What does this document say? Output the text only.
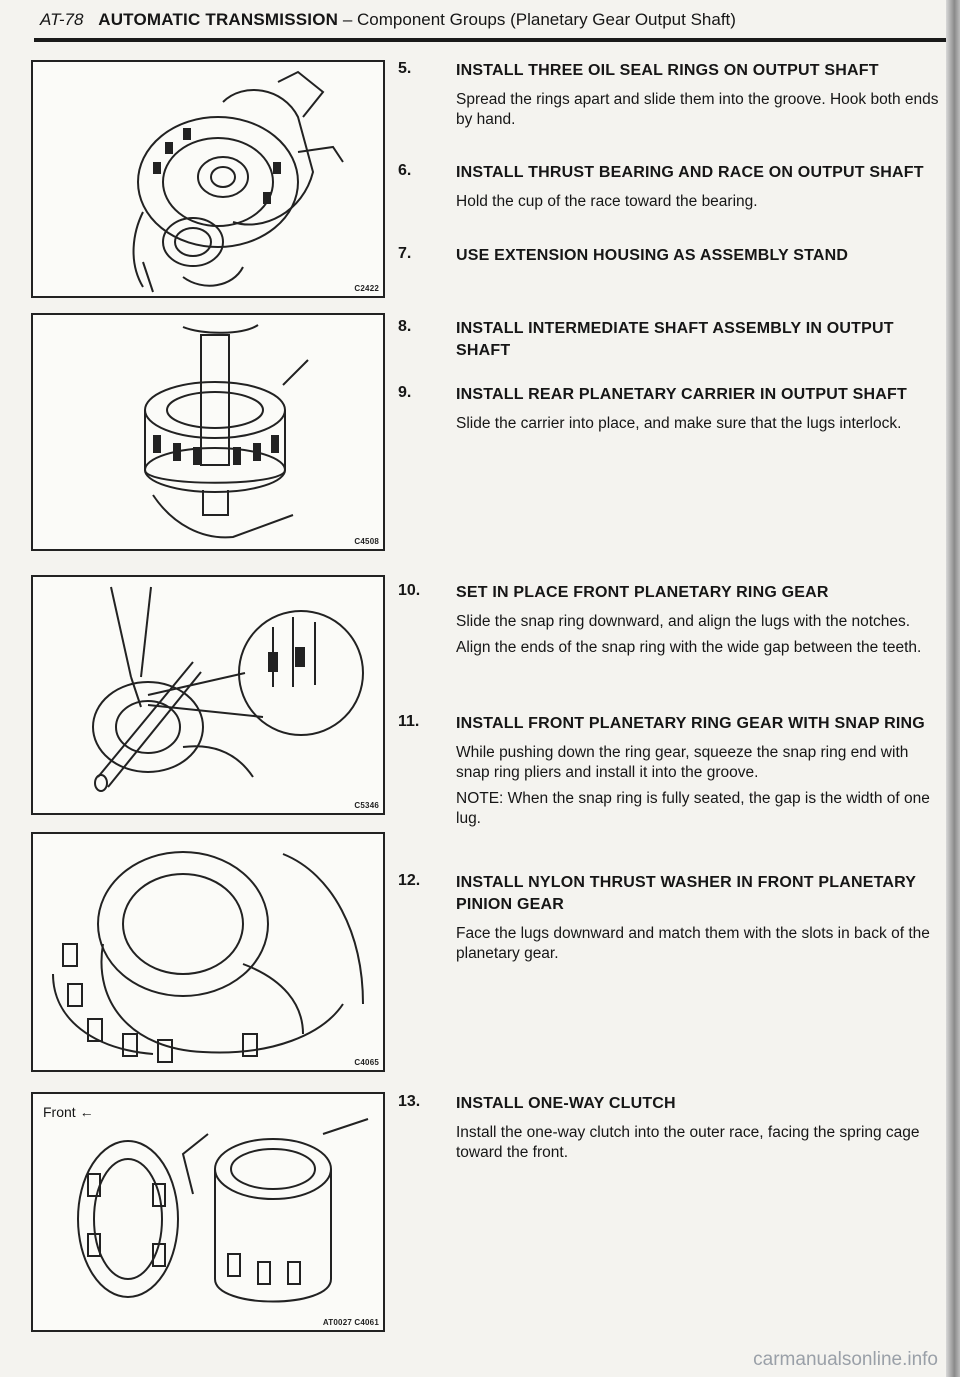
AT-78 AUTOMATIC TRANSMISSION – Component Groups (Planetary Gear Output Shaft)
C2422
C4508
C5346
C4065
Front ←
AT0027 C4061
5.	INSTALL THREE OIL SEAL RINGS ON OUTPUT SHAFT

Spread the rings apart and slide them into the groove. Hook both ends by hand.

6.	INSTALL THRUST BEARING AND RACE ON OUTPUT SHAFT

Hold the cup of the race toward the bearing.

7.	USE EXTENSION HOUSING AS ASSEMBLY STAND
8.	INSTALL INTERMEDIATE SHAFT ASSEMBLY IN OUTPUT SHAFT
9.	INSTALL REAR PLANETARY CARRIER IN OUTPUT SHAFT

Slide the carrier into place, and make sure that the lugs interlock.

10. SET IN PLACE FRONT PLANETARY RING GEAR

Slide the snap ring downward, and align the lugs with the notches.

Align the ends of the snap ring with the wide gap between the teeth.

11. INSTALL FRONT PLANETARY RING GEAR WITH SNAP RING

While pushing down the ring gear, squeeze the snap ring end with snap ring pliers and install it into the groove.

NOTE: When the snap ring is fully seated, the gap is the width of one lug.

12. INSTALL NYLON THRUST WASHER IN FRONT PLANETARY PINION GEAR

Face the lugs downward and match them with the slots in back of the planetary gear.

13. INSTALL ONE-WAY CLUTCH

Install the one-way clutch into the outer race, facing the spring cage toward the front.

carmanualsonline.info
